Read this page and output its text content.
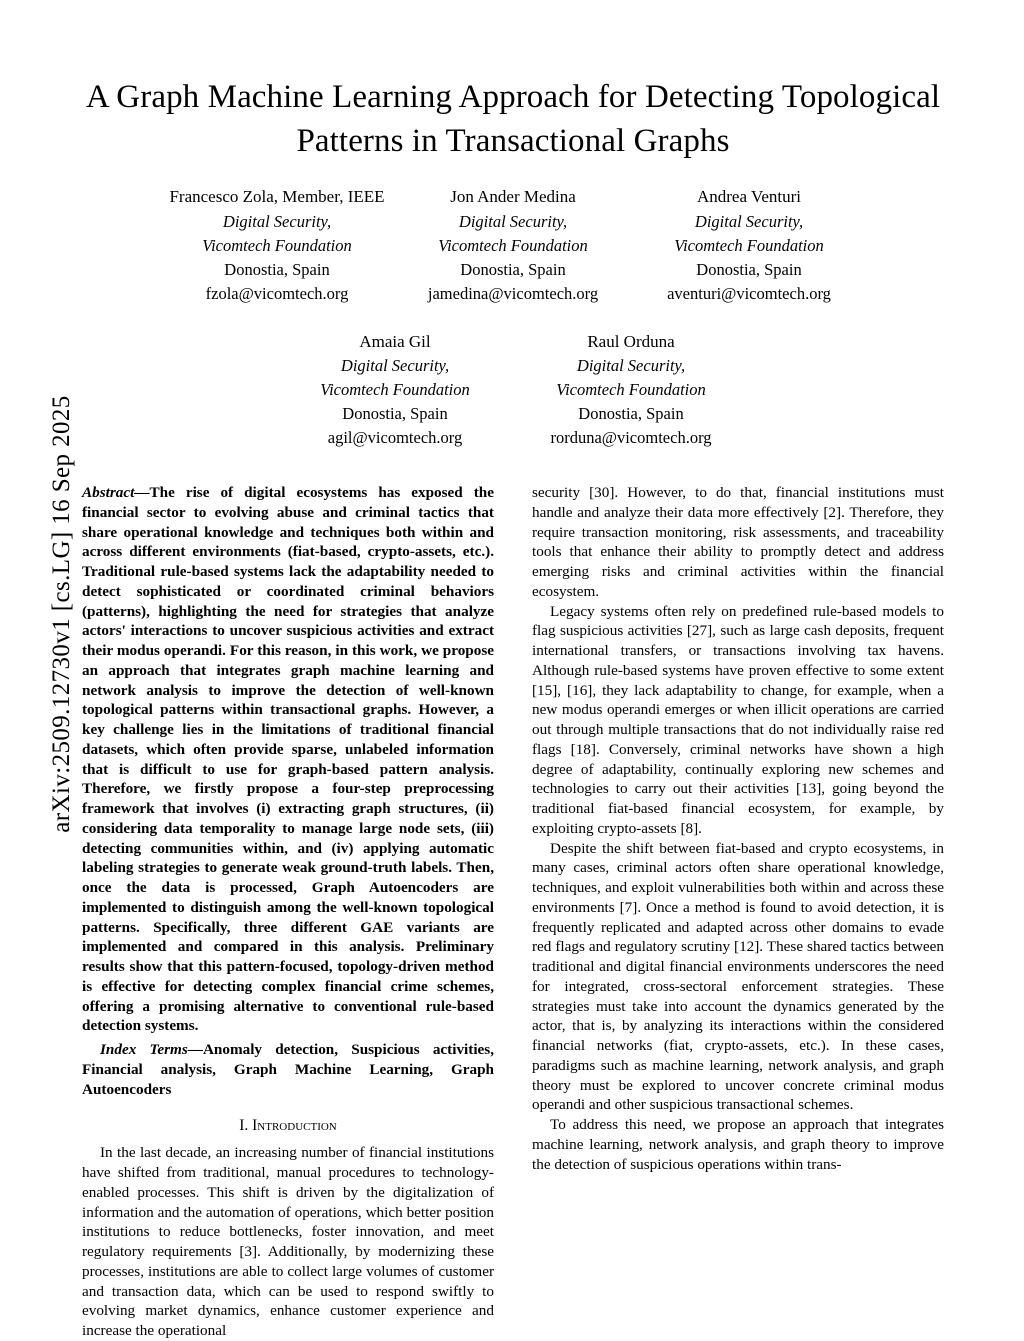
arXiv:2509.12730v1 [cs.LG] 16 Sep 2025
A Graph Machine Learning Approach for Detecting Topological Patterns in Transactional Graphs
Francesco Zola, Member, IEEE
Digital Security,
Vicomtech Foundation
Donostia, Spain
fzola@vicomtech.org
Jon Ander Medina
Digital Security,
Vicomtech Foundation
Donostia, Spain
jamedina@vicomtech.org
Andrea Venturi
Digital Security,
Vicomtech Foundation
Donostia, Spain
aventuri@vicomtech.org
Amaia Gil
Digital Security,
Vicomtech Foundation
Donostia, Spain
agil@vicomtech.org
Raul Orduna
Digital Security,
Vicomtech Foundation
Donostia, Spain
rorduna@vicomtech.org
Abstract—The rise of digital ecosystems has exposed the financial sector to evolving abuse and criminal tactics that share operational knowledge and techniques both within and across different environments (fiat-based, crypto-assets, etc.). Traditional rule-based systems lack the adaptability needed to detect sophisticated or coordinated criminal behaviors (patterns), highlighting the need for strategies that analyze actors' interactions to uncover suspicious activities and extract their modus operandi. For this reason, in this work, we propose an approach that integrates graph machine learning and network analysis to improve the detection of well-known topological patterns within transactional graphs. However, a key challenge lies in the limitations of traditional financial datasets, which often provide sparse, unlabeled information that is difficult to use for graph-based pattern analysis. Therefore, we firstly propose a four-step preprocessing framework that involves (i) extracting graph structures, (ii) considering data temporality to manage large node sets, (iii) detecting communities within, and (iv) applying automatic labeling strategies to generate weak ground-truth labels. Then, once the data is processed, Graph Autoencoders are implemented to distinguish among the well-known topological patterns. Specifically, three different GAE variants are implemented and compared in this analysis. Preliminary results show that this pattern-focused, topology-driven method is effective for detecting complex financial crime schemes, offering a promising alternative to conventional rule-based detection systems.
Index Terms—Anomaly detection, Suspicious activities, Financial analysis, Graph Machine Learning, Graph Autoencoders
I. Introduction

In the last decade, an increasing number of financial institutions have shifted from traditional, manual procedures to technology-enabled processes. This shift is driven by the digitalization of information and the automation of operations, which better position institutions to reduce bottlenecks, foster innovation, and meet regulatory requirements [3]. Additionally, by modernizing these processes, institutions are able to collect large volumes of customer and transaction data, which can be used to respond swiftly to evolving market dynamics, enhance customer experience and increase the operational

security [30]. However, to do that, financial institutions must handle and analyze their data more effectively [2]. Therefore, they require transaction monitoring, risk assessments, and traceability tools that enhance their ability to promptly detect and address emerging risks and criminal activities within the financial ecosystem.

Legacy systems often rely on predefined rule-based models to flag suspicious activities [27], such as large cash deposits, frequent international transfers, or transactions involving tax havens. Although rule-based systems have proven effective to some extent [15], [16], they lack adaptability to change, for example, when a new modus operandi emerges or when illicit operations are carried out through multiple transactions that do not individually raise red flags [18]. Conversely, criminal networks have shown a high degree of adaptability, continually exploring new schemes and technologies to carry out their activities [13], going beyond the traditional fiat-based financial ecosystem, for example, by exploiting crypto-assets [8].

Despite the shift between fiat-based and crypto ecosystems, in many cases, criminal actors often share operational knowledge, techniques, and exploit vulnerabilities both within and across these environments [7]. Once a method is found to avoid detection, it is frequently replicated and adapted across other domains to evade red flags and regulatory scrutiny [12]. These shared tactics between traditional and digital financial environments underscores the need for integrated, cross-sectoral enforcement strategies. These strategies must take into account the dynamics generated by the actor, that is, by analyzing its interactions within the considered financial networks (fiat, crypto-assets, etc.). In these cases, paradigms such as machine learning, network analysis, and graph theory must be explored to uncover concrete criminal modus operandi and other suspicious transactional schemes.

To address this need, we propose an approach that integrates machine learning, network analysis, and graph theory to improve the detection of suspicious operations within trans-
